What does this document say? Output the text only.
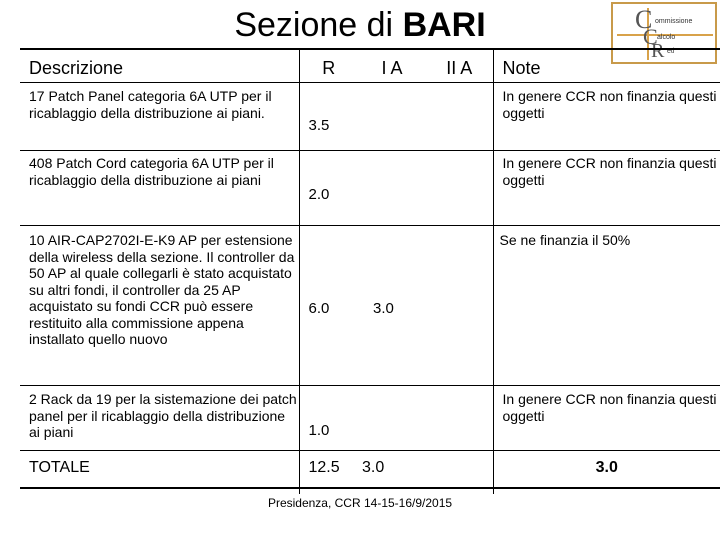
Sezione di BARI	C ommissione
C alcolo
R eti
Descrizione	R	I A	II A	Note
17 Patch Panel categoria 6A UTP per il ricablaggio della distribuzione ai piani.	3.5			In genere CCR non finanzia questi oggetti
408 Patch Cord categoria 6A UTP per il ricablaggio della distribuzione ai piani	2.0			In genere CCR non finanzia questi oggetti
10 AIR-CAP2702I-E-K9 AP per estensione della wireless della sezione. Il controller da 50 AP al quale collegarli è stato acquistato su altri fondi, il controller da 25 AP acquistato su fondi CCR può essere restituito alla commissione appena installato quello nuovo	6.0	3.0		Se ne finanzia il 50%
2 Rack da 19 per la sistemazione dei patch panel per il ricablaggio della distribuzione ai piani	1.0			In genere CCR non finanzia questi oggetti
TOTALE	12.5	3.0		3.0
Presidenza, CCR 14-15-16/9/2015
